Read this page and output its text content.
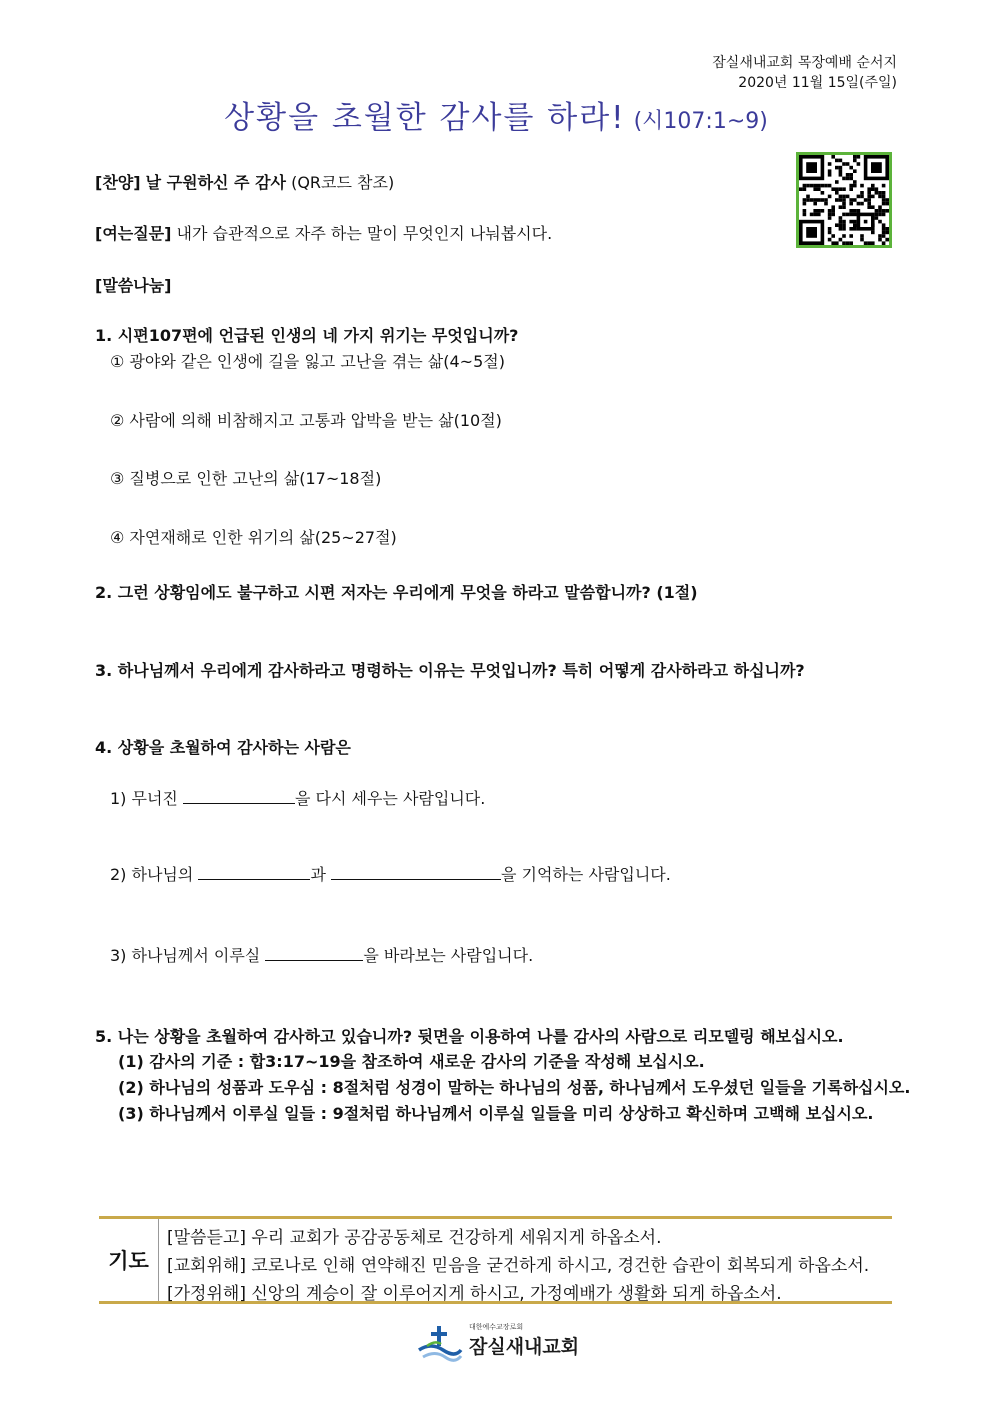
잠실새내교회 목장예배 순서지
2020년 11월 15일(주일)
상황을 초월한 감사를 하라! (시107:1~9)
[찬양] 날 구원하신 주 감사 (QR코드 참조)
[여는질문] 내가 습관적으로 자주 하는 말이 무엇인지 나눠봅시다.
[말씀나눔]
1. 시편107편에 언급된 인생의 네 가지 위기는 무엇입니까?
① 광야와 같은 인생에 길을 잃고 고난을 겪는 삶(4~5절)
② 사람에 의해 비참해지고 고통과 압박을 받는 삶(10절)
③ 질병으로 인한 고난의 삶(17~18절)
④ 자연재해로 인한 위기의 삶(25~27절)
2. 그런 상황임에도 불구하고 시편 저자는 우리에게 무엇을 하라고 말씀합니까? (1절)
3. 하나님께서 우리에게 감사하라고 명령하는 이유는 무엇입니까? 특히 어떻게 감사하라고 하십니까?
4. 상황을 초월하여 감사하는 사람은
1) 무너진	을 다시 세우는 사람입니다.
2) 하나님의	과	을 기억하는 사람입니다.
3) 하나님께서 이루실	을 바라보는 사람입니다.
5. 나는 상황을 초월하여 감사하고 있습니까? 뒷면을 이용하여 나를 감사의 사람으로 리모델링 해보십시오.
(1) 감사의 기준 : 합3:17~19을 참조하여 새로운 감사의 기준을 작성해 보십시오.
(2) 하나님의 성품과 도우심 : 8절처럼 성경이 말하는 하나님의 성품, 하나님께서 도우셨던 일들을 기록하십시오.
(3) 하나님께서 이루실 일들 : 9절처럼 하나님께서 이루실 일들을 미리 상상하고 확신하며 고백해 보십시오.
기도
[말씀듣고] 우리 교회가 공감공동체로 건강하게 세워지게 하옵소서.
[교회위해] 코로나로 인해 연약해진 믿음을 굳건하게 하시고, 경건한 습관이 회복되게 하옵소서.
[가정위해] 신앙의 계승이 잘 이루어지게 하시고, 가정예배가 생활화 되게 하옵소서.
대한예수교장로회
잠실새내교회
